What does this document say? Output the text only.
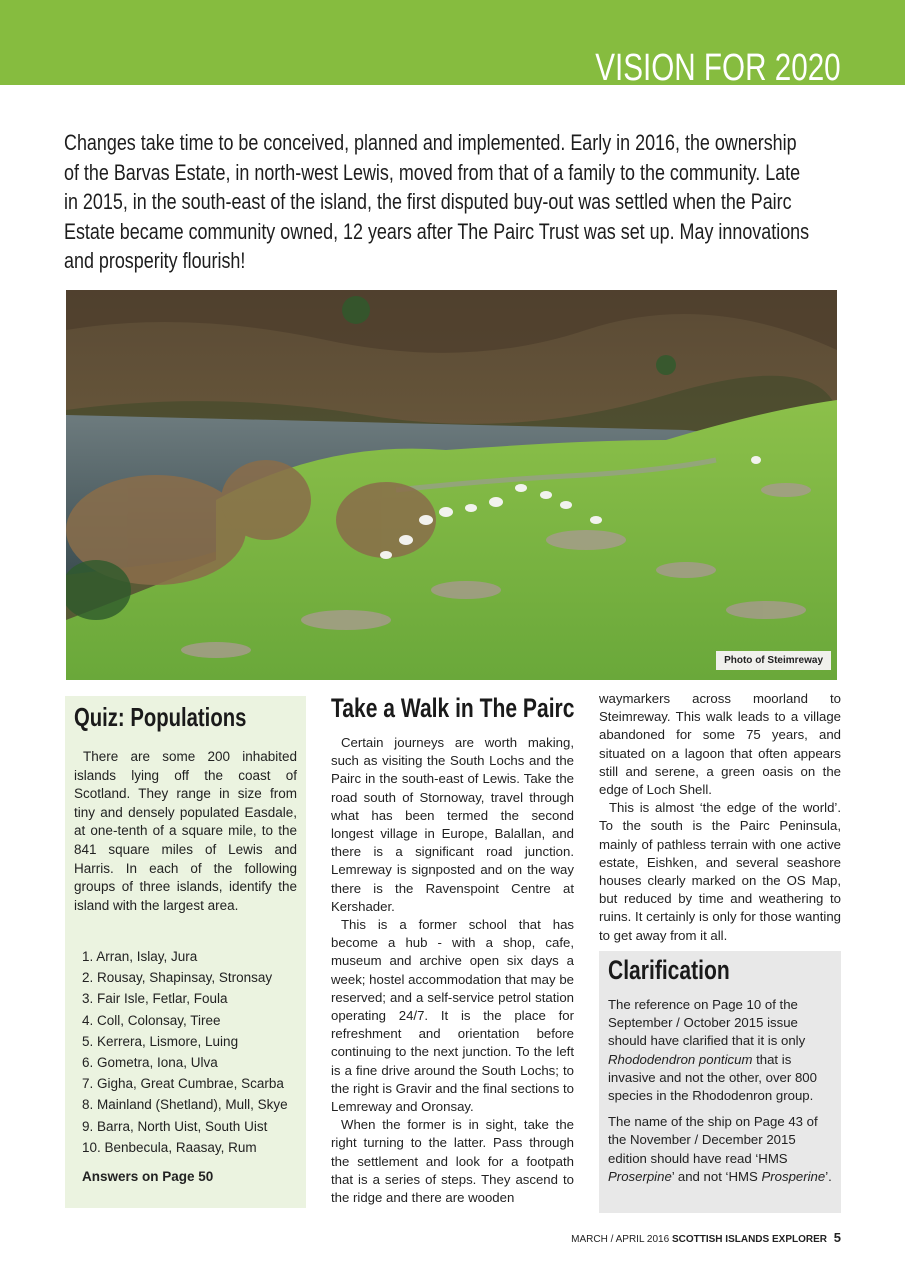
VISION FOR 2020
Changes take time to be conceived, planned and implemented. Early in 2016, the ownership
of the Barvas Estate, in north-west Lewis, moved from that of a family to the community. Late
in 2015, in the south-east of the island, the first disputed buy-out was settled when the Pairc
Estate became community owned, 12 years after The Pairc Trust was set up. May innovations
and prosperity flourish!
Photo of Steimreway
Quiz: Populations
There are some 200 inhabited islands lying off the coast of Scotland. They range in size from tiny and densely populated Easdale, at one-tenth of a square mile, to the 841 square miles of Lewis and Harris. In each of the following groups of three islands, identify the island with the largest area.
1. Arran, Islay, Jura
2. Rousay, Shapinsay, Stronsay
3. Fair Isle, Fetlar, Foula
4. Coll, Colonsay, Tiree
5. Kerrera, Lismore, Luing
6. Gometra, Iona, Ulva
7. Gigha, Great Cumbrae, Scarba
8. Mainland (Shetland), Mull, Skye
9. Barra, North Uist, South Uist
10. Benbecula, Raasay, Rum
Answers on Page 50
Take a Walk in The Pairc

Certain journeys are worth making, such as visiting the South Lochs and the Pairc in the south-east of Lewis. Take the road south of Stornoway, travel through what has been termed the second longest village in Europe, Balallan, and there is a significant road junction. Lemreway is signposted and on the way there is the Ravenspoint Centre at Kershader.

This is a former school that has become a hub - with a shop, cafe, museum and archive open six days a week; hostel accommodation that may be reserved; and a self-service petrol station operating 24/7. It is the place for refreshment and orientation before continuing to the next junction. To the left is a fine drive around the South Lochs; to the right is Gravir and the final sections to Lemreway and Oronsay.

When the former is in sight, take the right turning to the latter. Pass through the settlement and look for a footpath that is a series of steps. They ascend to the ridge and there are wooden

waymarkers across moorland to Steimreway. This walk leads to a village abandoned for some 75 years, and situated on a lagoon that often appears still and serene, a green oasis on the edge of Loch Shell.

This is almost ‘the edge of the world’. To the south is the Pairc Peninsula, mainly of pathless terrain with one active estate, Eishken, and several seashore houses clearly marked on the OS Map, but reduced by time and weathering to ruins. It certainly is only for those wanting to get away from it all.

Clarification

The reference on Page 10 of the September / October 2015 issue should have clarified that it is only Rhododendron ponticum that is invasive and not the other, over 800 species in the Rhododenron group.

The name of the ship on Page 43 of the November / December 2015 edition should have read ‘HMS Proserpine’ and not ‘HMS Prosperine’.

MARCH / APRIL 2016 SCOTTISH ISLANDS EXPLORER 5
